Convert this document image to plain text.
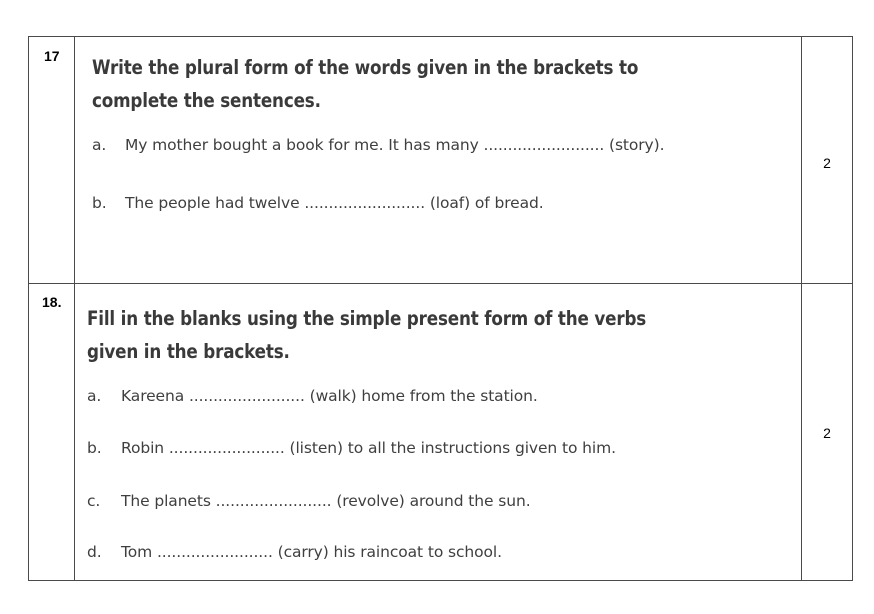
17	Write the plural form of the words given in the brackets to complete the sentences.
a. My mother bought a book for me. It has many ......................... (story).
b. The people had twelve ......................... (loaf) of bread.
2
18.
Fill in the blanks using the simple present form of the verbs given in the brackets.
a. Kareena ........................ (walk) home from the station.
b. Robin ........................ (listen) to all the instructions given to him.
c. The planets ........................ (revolve) around the sun.
d. Tom ........................ (carry) his raincoat to school.
2
